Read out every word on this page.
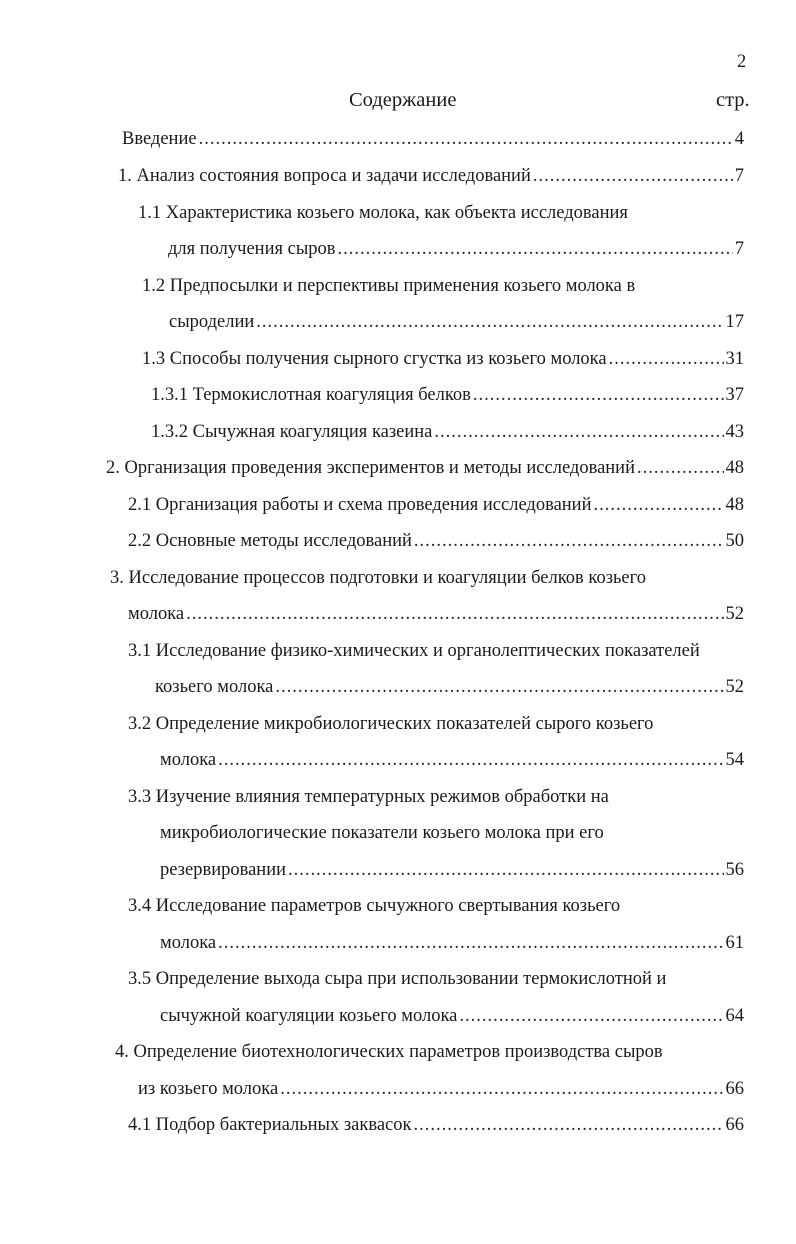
2
Содержание	стр.
Введение .....	4
1. Анализ состояния вопроса и задачи исследований .....	7
1.1 Характеристика козьего молока, как объекта исследования
для получения сыров .....	7
1.2 Предпосылки и перспективы применения козьего молока в
сыроделии .....	17
1.3 Способы получения сырного сгустка из козьего молока .....	31
1.3.1 Термокислотная коагуляция белков .....	37
1.3.2 Сычужная коагуляция казеина .....	43
2. Организация проведения экспериментов и методы исследований .....	48
2.1 Организация работы и схема проведения исследований .....	48
2.2 Основные методы исследований .....	50
3. Исследование процессов подготовки и коагуляции белков козьего
молока .....	52
3.1 Исследование физико-химических и органолептических показателей
козьего молока .....	52
3.2 Определение микробиологических показателей сырого козьего
молока .....	54
3.3 Изучение влияния температурных режимов обработки на
микробиологические показатели козьего молока при его
резервировании .....	56
3.4 Исследование параметров сычужного свертывания козьего
молока .....	61
3.5 Определение выхода сыра при использовании термокислотной и
сычужной коагуляции козьего молока .....	64
4. Определение биотехнологических параметров производства сыров
из козьего молока .....	66
4.1 Подбор бактериальных заквасок .....	66
